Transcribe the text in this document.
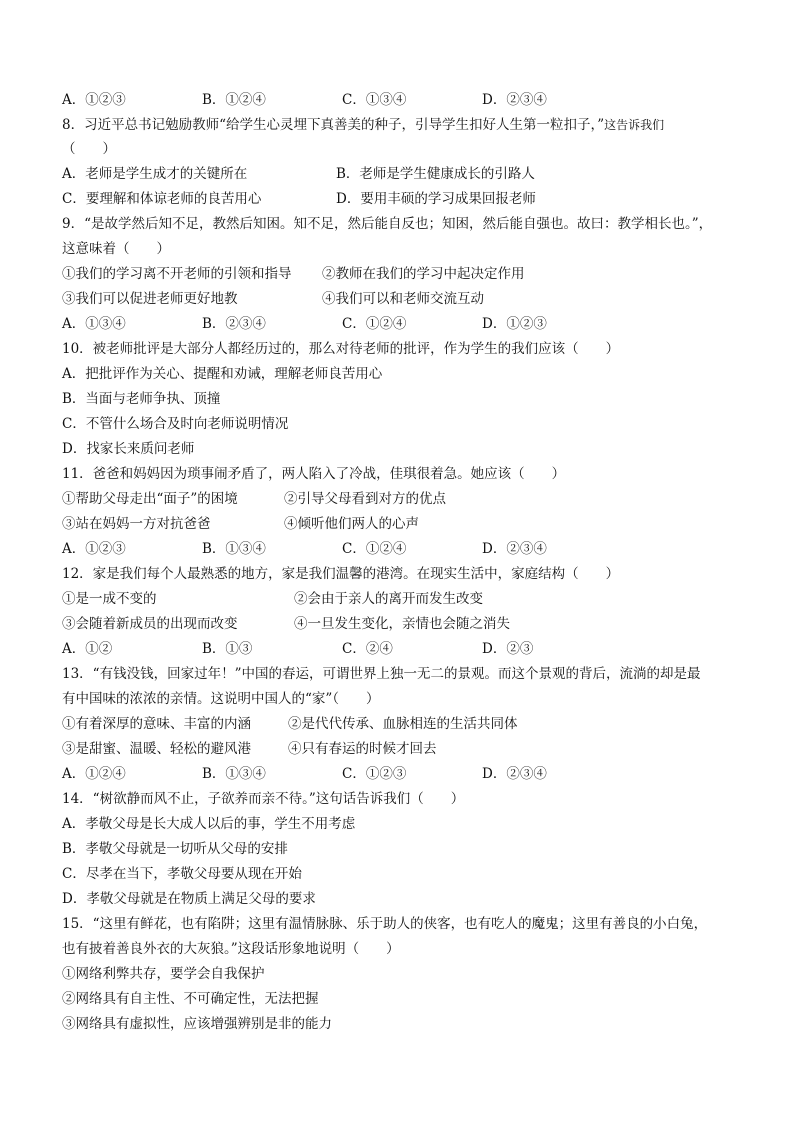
A．①②③	B．①②④	C．①③④	D．②③④
8．习近平总书记勉励教师“给学生心灵埋下真善美的种子，引导学生扣好人生第一粒扣子，”这告诉我们
（　　）
A．老师是学生成才的关键所在	B．老师是学生健康成长的引路人
C．要理解和体谅老师的良苦用心	D．要用丰硕的学习成果回报老师
9．“是故学然后知不足，教然后知困。知不足，然后能自反也；知困，然后能自强也。故曰：教学相长也。”，
这意味着（　　）
①我们的学习离不开老师的引领和指导 ②教师在我们的学习中起决定作用
③我们可以促进老师更好地教	④我们可以和老师交流互动
A．①③④	B．②③④	C．①②④	D．①②③
10．被老师批评是大部分人都经历过的，那么对待老师的批评，作为学生的我们应该（　　）
A．把批评作为关心、提醒和劝诫，理解老师良苦用心
B．当面与老师争执、顶撞
C．不管什么场合及时向老师说明情况
D．找家长来质问老师
11．爸爸和妈妈因为琐事闹矛盾了，两人陷入了冷战，佳琪很着急。她应该（　　）
①帮助父母走出“面子”的困境	②引导父母看到对方的优点
③站在妈妈一方对抗爸爸	④倾听他们两人的心声
A．①②③	B．①③④	C．①②④	D．②③④
12．家是我们每个人最熟悉的地方，家是我们温馨的港湾。在现实生活中，家庭结构（　　）
①是一成不变的	②会由于亲人的离开而发生改变
③会随着新成员的出现而改变	④一旦发生变化，亲情也会随之消失
A．①②	B．①③	C．②④	D．②③
13．“有钱没钱，回家过年！”中国的春运，可谓世界上独一无二的景观。而这个景观的背后，流淌的却是最
有中国味的浓浓的亲情。这说明中国人的“家”（　　）
①有着深厚的意味、丰富的内涵	②是代代传承、血脉相连的生活共同体
③是甜蜜、温暖、轻松的避风港	④只有春运的时候才回去
A．①②④	B．①③④	C．①②③	D．②③④
14．“树欲静而风不止，子欲养而亲不待。”这句话告诉我们（　　）
A．孝敬父母是长大成人以后的事，学生不用考虑
B．孝敬父母就是一切听从父母的安排
C．尽孝在当下，孝敬父母要从现在开始
D．孝敬父母就是在物质上满足父母的要求
15．“这里有鲜花，也有陷阱；这里有温情脉脉、乐于助人的侠客，也有吃人的魔鬼；这里有善良的小白兔，
也有披着善良外衣的大灰狼。”这段话形象地说明（　　）
①网络利弊共存，要学会自我保护
②网络具有自主性、不可确定性，无法把握
③网络具有虚拟性，应该增强辨别是非的能力
